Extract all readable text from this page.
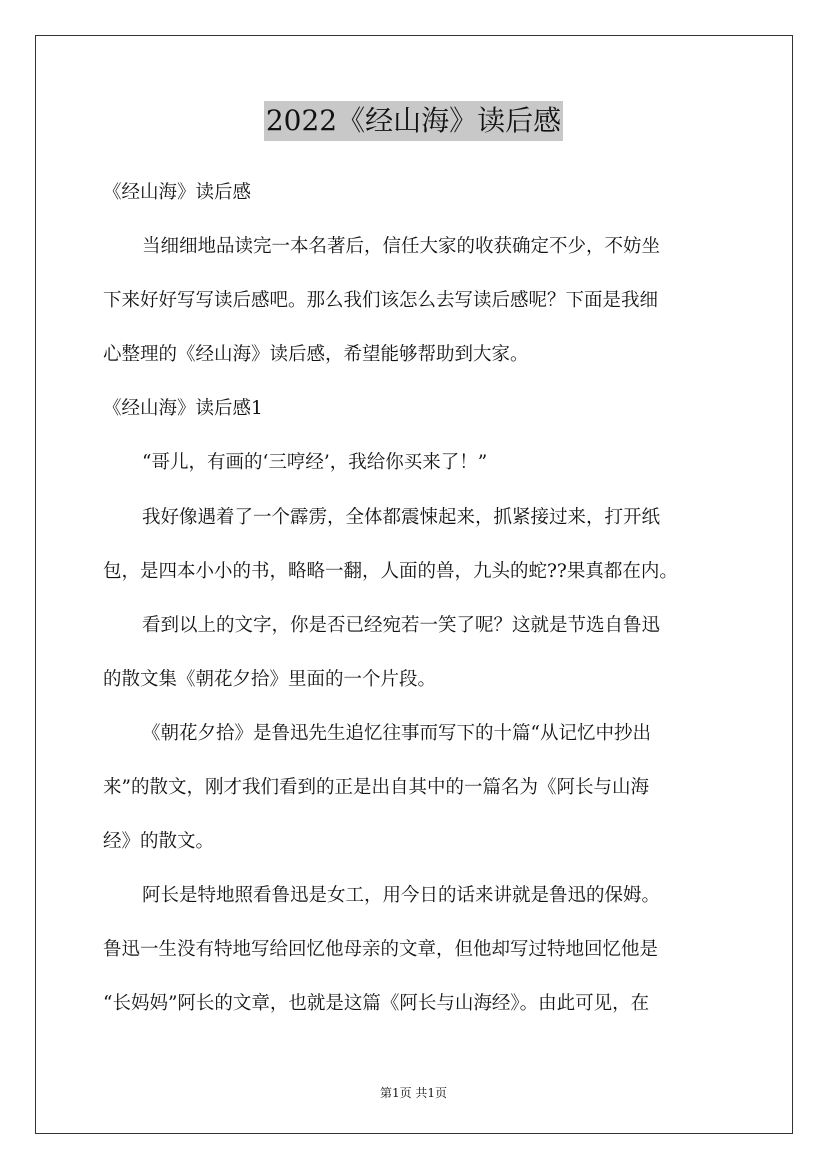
2022《经山海》读后感
《经山海》读后感
当细细地品读完一本名著后，信任大家的收获确定不少，不妨坐
下来好好写写读后感吧。那么我们该怎么去写读后感呢？下面是我细
心整理的《经山海》读后感，希望能够帮助到大家。
《经山海》读后感1
“哥儿，有画的‘三哼经’，我给你买来了！”
我好像遇着了一个霹雳，全体都震悚起来，抓紧接过来，打开纸
包，是四本小小的书，略略一翻，人面的兽，九头的蛇??果真都在内。
看到以上的文字，你是否已经宛若一笑了呢？这就是节选自鲁迅
的散文集《朝花夕拾》里面的一个片段。
《朝花夕拾》是鲁迅先生追忆往事而写下的十篇“从记忆中抄出
来”的散文，刚才我们看到的正是出自其中的一篇名为《阿长与山海
经》的散文。
阿长是特地照看鲁迅是女工，用今日的话来讲就是鲁迅的保姆。
鲁迅一生没有特地写给回忆他母亲的文章，但他却写过特地回忆他是
“长妈妈”阿长的文章，也就是这篇《阿长与山海经》。由此可见，在
第1页 共1页
